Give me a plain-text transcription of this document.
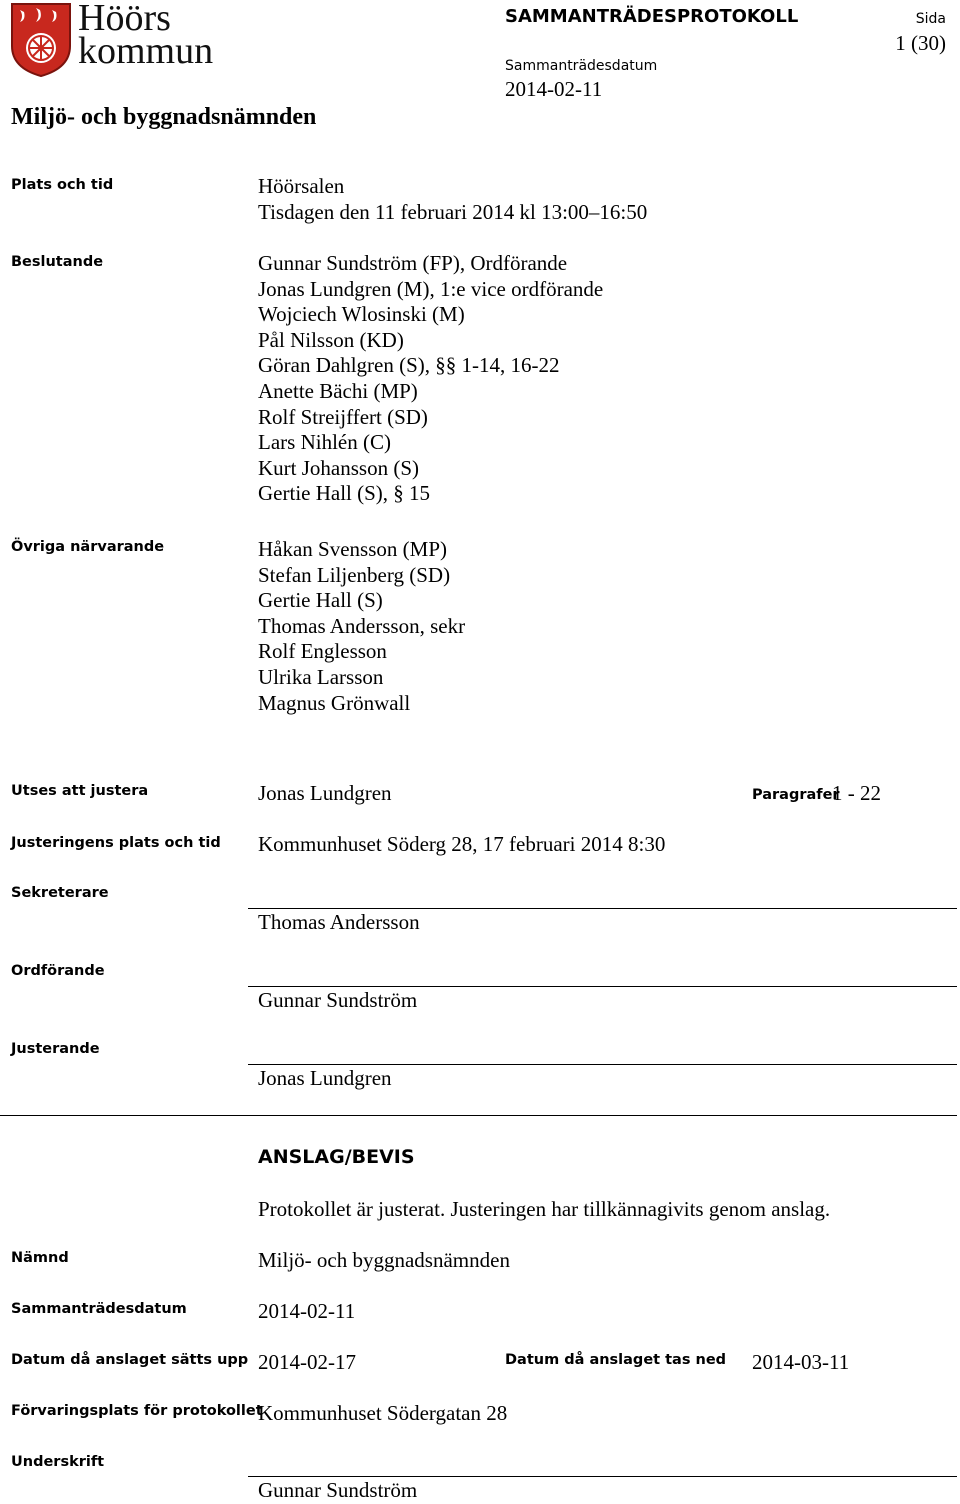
Höörs
kommun
Miljö- och byggnadsnämnden
SAMMANTRÄDESPROTOKOLL
Sammanträdesdatum
2014-02-11
Sida
1 (30)
Plats och tid	Höörsalen
Tisdagen den 11 februari 2014 kl 13:00–16:50
Beslutande	Gunnar Sundström (FP), Ordförande
Jonas Lundgren (M), 1:e vice ordförande
Wojciech Wlosinski (M)
Pål Nilsson (KD)
Göran Dahlgren (S), §§ 1-14, 16-22
Anette Bächi (MP)
Rolf Streijffert (SD)
Lars Nihlén (C)
Kurt Johansson (S)
Gertie Hall (S), § 15
Övriga närvarande	Håkan Svensson (MP)
Stefan Liljenberg (SD)
Gertie Hall (S)
Thomas Andersson, sekr
Rolf Englesson
Ulrika Larsson
Magnus Grönwall
Utses att justera	Jonas Lundgren	Paragrafer
1 - 22
Justeringens plats och tid Kommunhuset Söderg 28, 17 februari 2014 8:30
Sekreterare
Thomas Andersson
Ordförande
Gunnar Sundström
Justerande
Jonas Lundgren
ANSLAG/BEVIS
Protokollet är justerat. Justeringen har tillkännagivits genom anslag.
Nämnd	Miljö- och byggnadsnämnden
Sammanträdesdatum	2014-02-11
Datum då anslaget sätts upp 2014-02-17	Datum då anslaget tas ned 2014-03-11
Förvaringsplats för protokollet
Kommunhuset Södergatan 28
Underskrift
Gunnar Sundström
